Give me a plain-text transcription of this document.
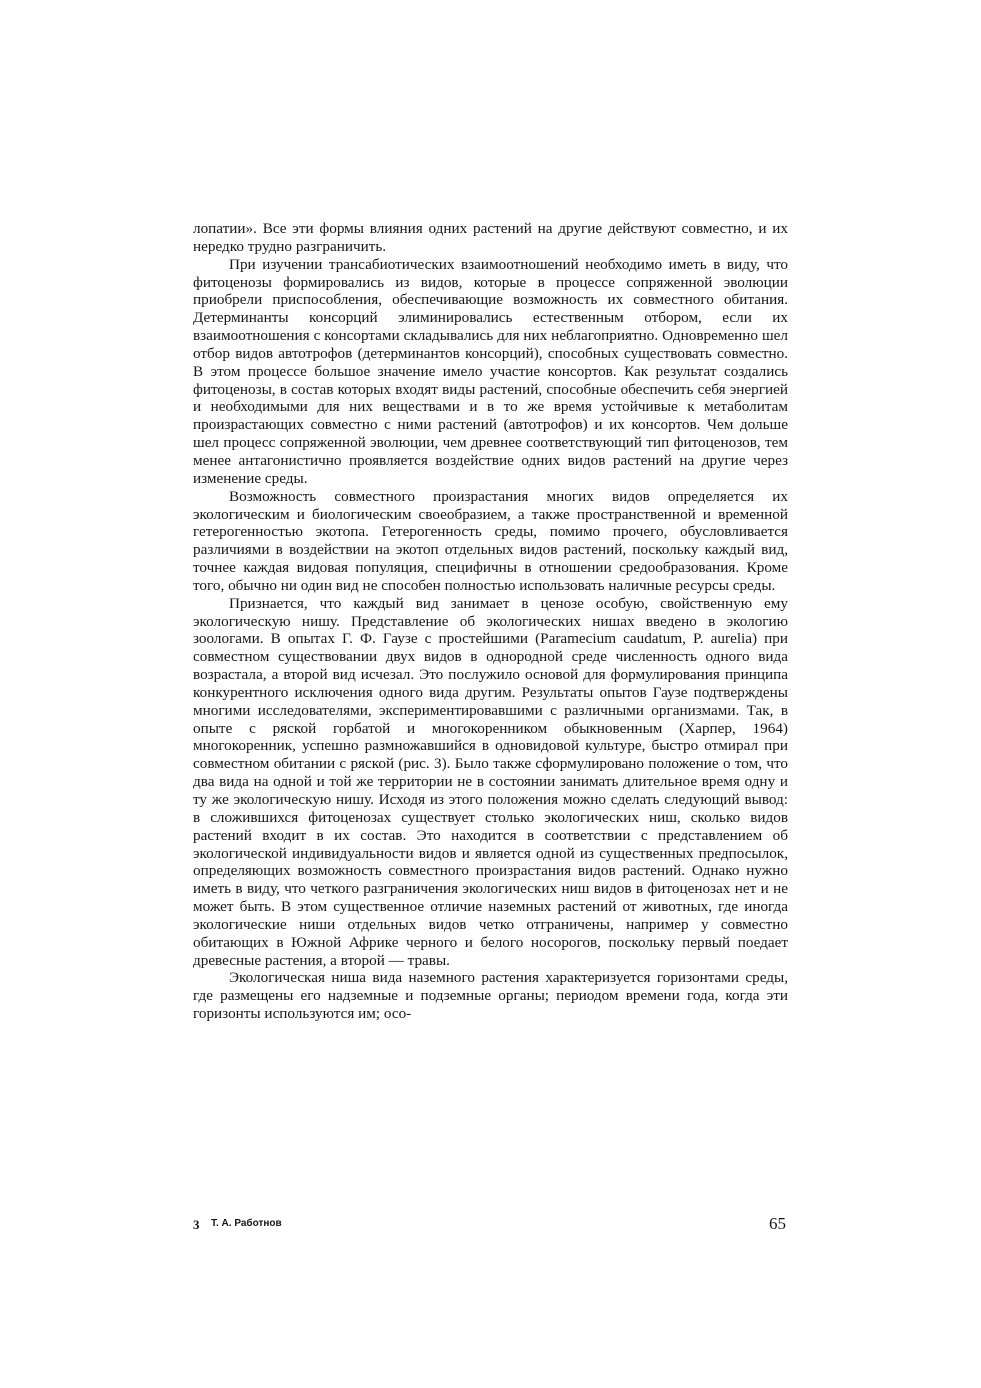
лопатии». Все эти формы влияния одних растений на другие действуют совместно, и их нередко трудно разграничить.

При изучении трансабиотических взаимоотношений необходимо иметь в виду, что фитоценозы формировались из видов, которые в процессе сопряженной эволюции приобрели приспособления, обеспечивающие возможность их совместного обитания. Детерминанты консорций элиминировались естественным отбором, если их взаимоотношения с консортами складывались для них неблагоприятно. Одновременно шел отбор видов автотрофов (детерминантов консорций), способных существовать совместно. В этом процессе большое значение имело участие консортов. Как результат создались фитоценозы, в состав которых входят виды растений, способные обеспечить себя энергией и необходимыми для них веществами и в то же время устойчивые к метаболитам произрастающих совместно с ними растений (автотрофов) и их консортов. Чем дольше шел процесс сопряженной эволюции, чем древнее соответствующий тип фитоценозов, тем менее антагонистично проявляется воздействие одних видов растений на другие через изменение среды.

Возможность совместного произрастания многих видов определяется их экологическим и биологическим своеобразием, а также пространственной и временной гетерогенностью экотопа. Гетерогенность среды, помимо прочего, обусловливается различиями в воздействии на экотоп отдельных видов растений, поскольку каждый вид, точнее каждая видовая популяция, специфичны в отношении средообразования. Кроме того, обычно ни один вид не способен полностью использовать наличные ресурсы среды.

Признается, что каждый вид занимает в ценозе особую, свойственную ему экологическую нишу. Представление об экологических нишах введено в экологию зоологами. В опытах Г. Ф. Гаузе с простейшими (Paramecium caudatum, P. aurelia) при совместном существовании двух видов в однородной среде численность одного вида возрастала, а второй вид исчезал. Это послужило основой для формулирования принципа конкурентного исключения одного вида другим. Результаты опытов Гаузе подтверждены многими исследователями, экспериментировавшими с различными организмами. Так, в опыте с ряской горбатой и многокоренником обыкновенным (Харпер, 1964) многокоренник, успешно размножавшийся в одновидовой культуре, быстро отмирал при совместном обитании с ряской (рис. 3). Было также сформулировано положение о том, что два вида на одной и той же территории не в состоянии занимать длительное время одну и ту же экологическую нишу. Исходя из этого положения можно сделать следующий вывод: в сложившихся фитоценозах существует столько экологических ниш, сколько видов растений входит в их состав. Это находится в соответствии с представлением об экологической индивидуальности видов и является одной из существенных предпосылок, определяющих возможность совместного произрастания видов растений. Однако нужно иметь в виду, что четкого разграничения экологических ниш видов в фитоценозах нет и не может быть. В этом существенное отличие наземных растений от животных, где иногда экологические ниши отдельных видов четко отграничены, например у совместно обитающих в Южной Африке черного и белого носорогов, поскольку первый поедает древесные растения, а второй — травы.

Экологическая ниша вида наземного растения характеризуется горизонтами среды, где размещены его надземные и подземные органы; периодом времени года, когда эти горизонты используются им; осо-

3 Т. А. Работнов	65
